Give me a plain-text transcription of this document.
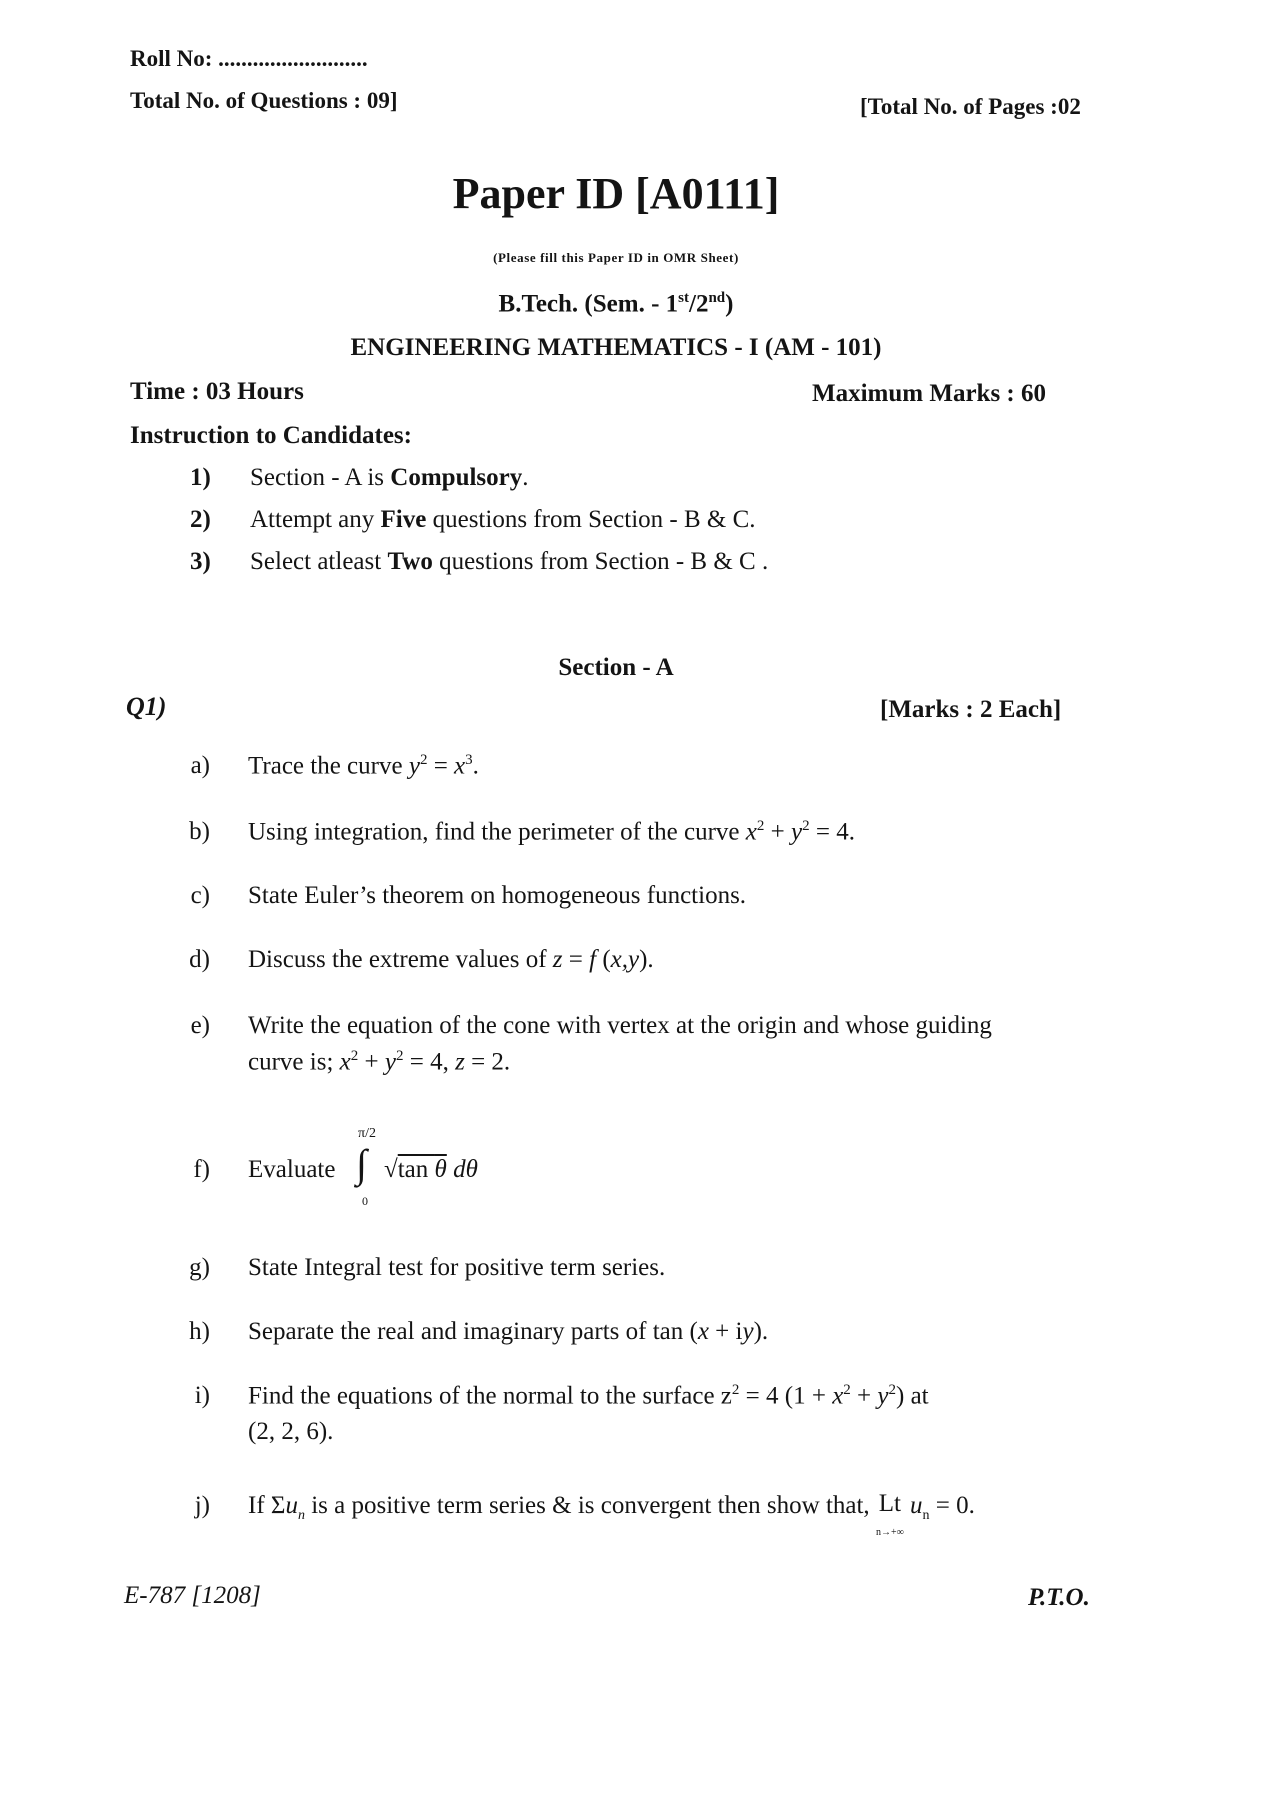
Roll No: ..........................
Total No. of Questions : 09]	[Total No. of Pages :02
Paper ID [A0111]
(Please fill this Paper ID in OMR Sheet)
B.Tech. (Sem. - 1st/2nd)
ENGINEERING MATHEMATICS - I (AM - 101)
Time : 03 Hours	Maximum Marks : 60
Instruction to Candidates:
1) Section - A is Compulsory.
2) Attempt any Five questions from Section - B & C.
3) Select atleast Two questions from Section - B & C .
Section - A
Q1)	[Marks : 2 Each]
a) Trace the curve $y^2 = x^3$.
b) Using integration, find the perimeter of the curve $x^2 + y^2 = 4$.
c) State Euler’s theorem on homogeneous functions.
d) Discuss the extreme values of z = f (x,y).
e) Write the equation of the cone with vertex at the origin and whose guiding
curve is; $x^2 + y^2 = 4$, z = 2.
f) Evaluate
π/2
∫
0
√tan θ dθ
g) State Integral test for positive term series.
h) Separate the real and imaginary parts of tan (x + iy).
i) Find the equations of the normal to the surface $z^2 = 4$ $(1 + x^2 + y^2)$ at
(2, 2, 6).
j) If $\Sigma u_n$ is a positive term series & is convergent then show that, Lt
n→+∞ $u_n = 0$.
E-787 [1208]	P.T.O.
